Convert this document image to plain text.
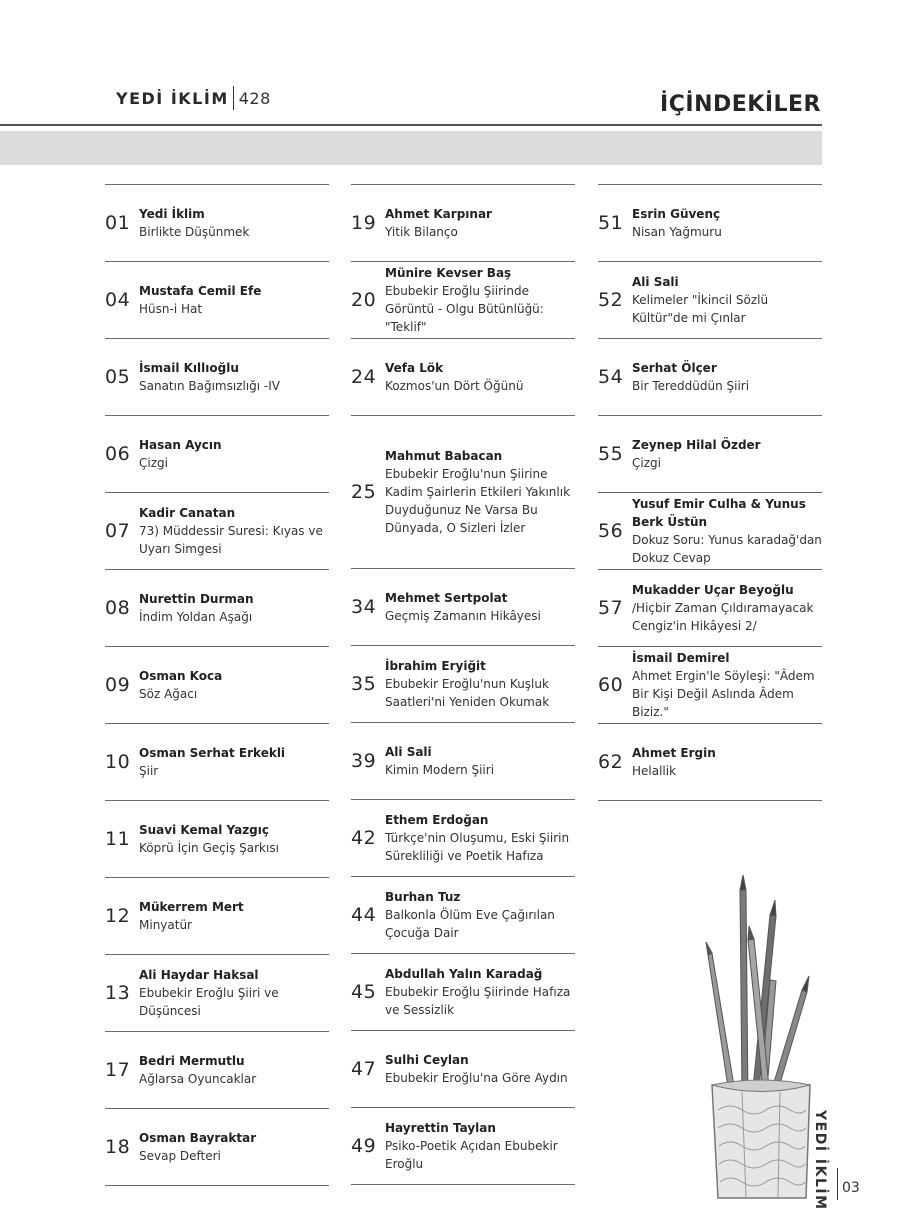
YEDİ İKLİM 428	İÇİNDEKİLER
01 Yedi İklim
Birlikte Düşünmek
04 Mustafa Cemil Efe
Hüsn-i Hat
05 İsmail Kıllıoğlu
Sanatın Bağımsızlığı -IV
06 Hasan Aycın
Çizgi
07
Kadir Canatan
73) Müddessir Suresi: Kıyas ve Uyarı Simgesi
08 Nurettin Durman
İndim Yoldan Aşağı
09 Osman Koca
Söz Ağacı
10 Osman Serhat Erkekli
Şiir
11 Suavi Kemal Yazgıç
Köprü İçin Geçiş Şarkısı
12 Mükerrem Mert
Minyatür
13
Ali Haydar Haksal
Ebubekir Eroğlu Şiiri ve Düşüncesi
17 Bedri Mermutlu
Ağlarsa Oyuncaklar
18 Osman Bayraktar
Sevap Defteri
19 Ahmet Karpınar
Yitik Bilanço
20
Münire Kevser Baş
Ebubekir Eroğlu Şiirinde Görüntü - Olgu Bütünlüğü: "Teklif"
24 Vefa Lök
Kozmos'un Dört Öğünü
25
Mahmut Babacan
Ebubekir Eroğlu'nun Şiirine Kadim Şairlerin Etkileri Yakınlık Duyduğunuz Ne Varsa Bu Dünyada, O Sizleri İzler
34 Mehmet Sertpolat
Geçmiş Zamanın Hikâyesi
35
İbrahim Eryiğit
Ebubekir Eroğlu'nun Kuşluk Saatleri'ni Yeniden Okumak
39 Ali Sali
Kimin Modern Şiiri
42
Ethem Erdoğan
Türkçe'nin Oluşumu, Eski Şiirin Sürekliliği ve Poetik Hafıza
44
Burhan Tuz
Balkonla Ölüm Eve Çağırılan Çocuğa Dair
45
Abdullah Yalın Karadağ
Ebubekir Eroğlu Şiirinde Hafıza ve Sessizlik
47 Sulhi Ceylan
Ebubekir Eroğlu'na Göre Aydın
49
Hayrettin Taylan
Psiko-Poetik Açıdan Ebubekir Eroğlu
51 Esrin Güvenç
Nisan Yağmuru
52
Ali Sali
Kelimeler "İkincil Sözlü Kültür"de mi Çınlar
54 Serhat Ölçer
Bir Tereddüdün Şiiri
55 Zeynep Hilal Özder
Çizgi
56
Yusuf Emir Culha & Yunus Berk Üstün
Dokuz Soru: Yunus karadağ'dan Dokuz Cevap
57
Mukadder Uçar Beyoğlu
/Hiçbir Zaman Çıldıramayacak Cengiz'in Hikâyesi 2/
60
İsmail Demirel
Ahmet Ergin'le Söyleşi: "Âdem Bir Kişi Değil Aslında Âdem Biziz."
62 Ahmet Ergin
Helallik
YEDİ İKLİM 03
